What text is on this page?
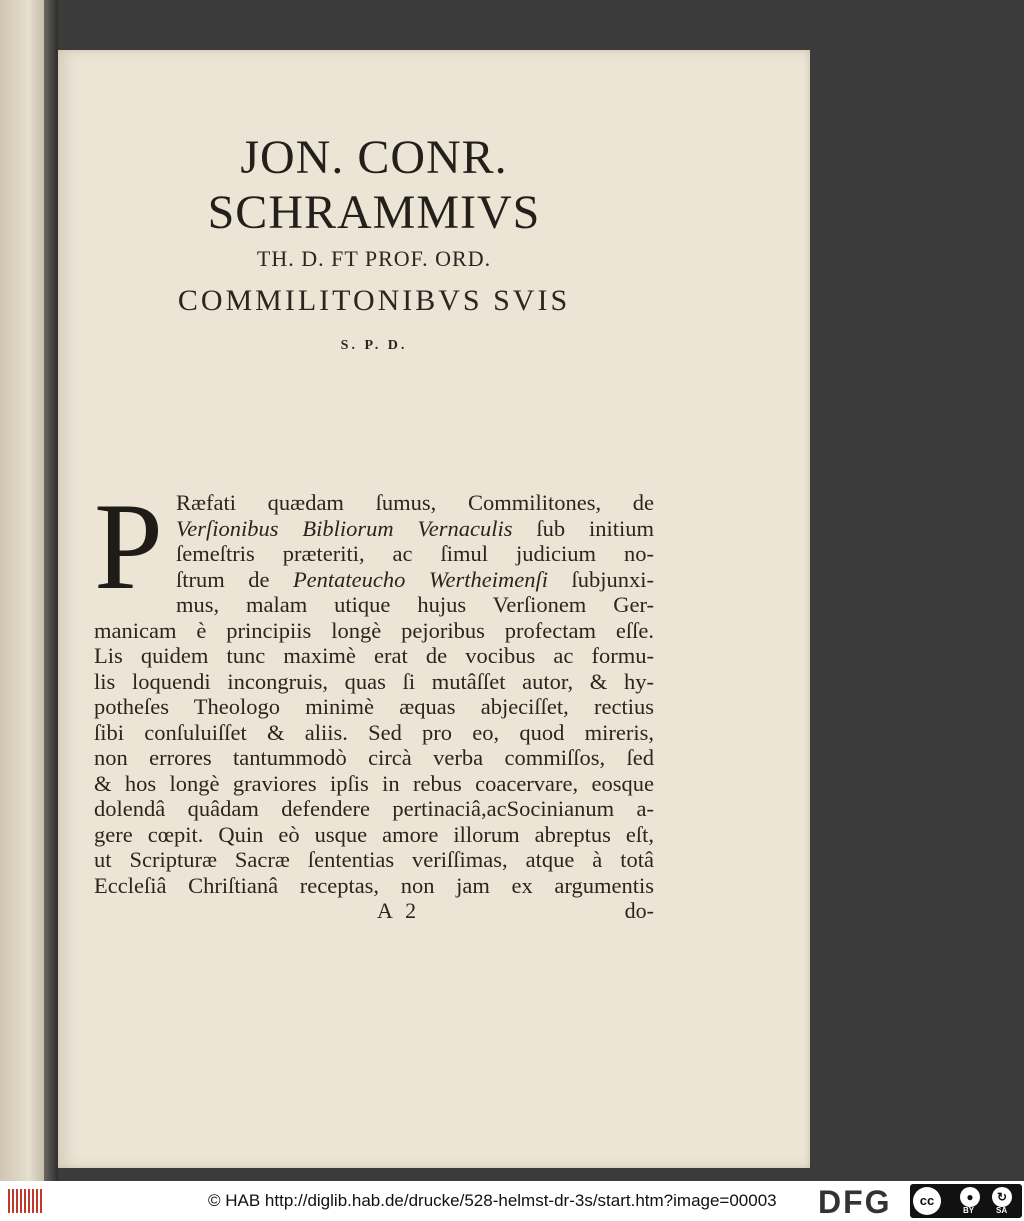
JON. CONR. SCHRAMMIVS
TH. D. FT PROF. ORD.
COMMILITONIBVS SVIS
S. P. D.
P Ræfati quædam ſumus, Commilitones, de
Verſionibus Bibliorum Vernaculis ſub initium
ſemeſtris præteriti, ac ſimul judicium no-
ſtrum de Pentateucho Wertheimenſi ſubjunxi-
mus, malam utique hujus Verſionem Ger-
manicam è principiis longè pejoribus profectam eſſe.
Lis quidem tunc maximè erat de vocibus ac formu-
lis loquendi incongruis, quas ſi mutâſſet autor, & hy-
potheſes Theologo minimè æquas abjeciſſet, rectius
ſibi conſuluiſſet & aliis. Sed pro eo, quod mireris,
non errores tantummodò circà verba commiſſos, ſed
& hos longè graviores ipſis in rebus coacervare, eosque
dolendâ quâdam defendere pertinaciâ,acSocinianum a-
gere cœpit. Quin eò usque amore illorum abreptus eſt,
ut Scripturæ Sacræ ſententias veriſſimas, atque à totâ
Eccleſiâ Chriſtianâ receptas, non jam ex argumentis
A 2	do-
© HAB http://diglib.hab.de/drucke/528-helmst-dr-3s/start.htm?image=00003 DFG	cc	●	↻
BY	SA
